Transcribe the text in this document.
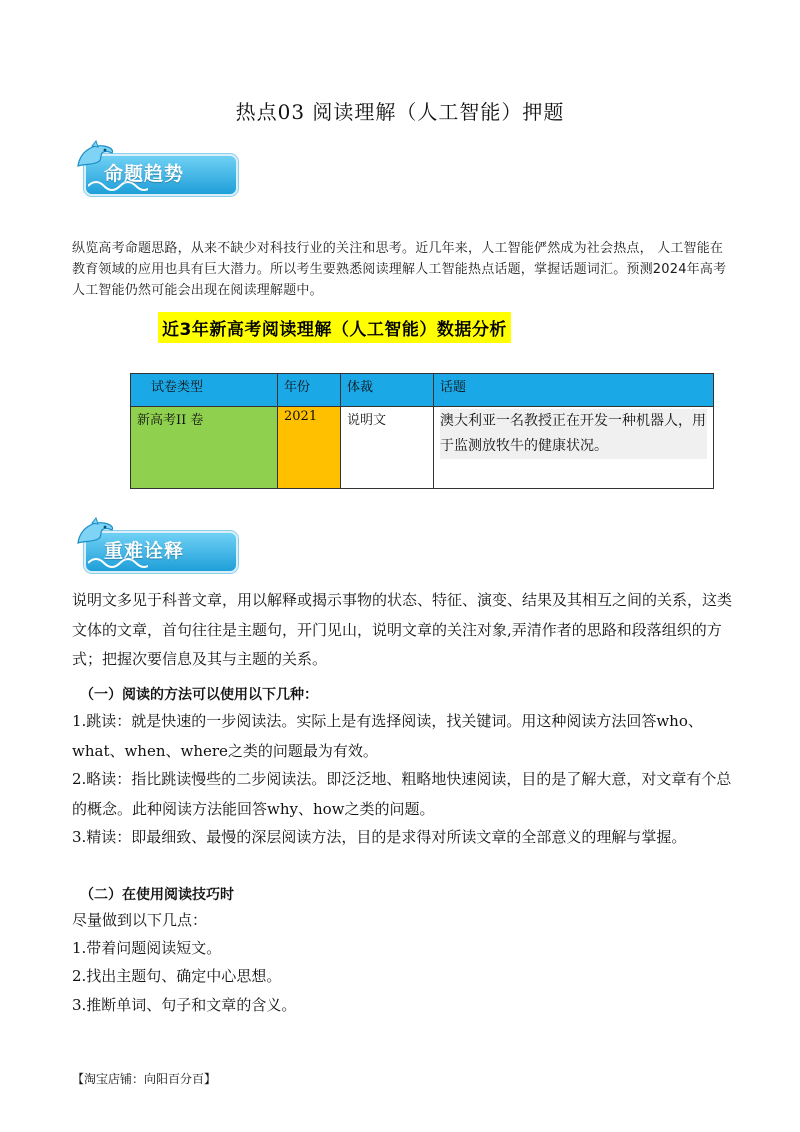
热点03 阅读理解（人工智能）押题
命题趋势
纵览高考命题思路，从来不缺少对科技行业的关注和思考。近几年来，人工智能俨然成为社会热点， 人工智能在教育领域的应用也具有巨大潜力。所以考生要熟悉阅读理解人工智能热点话题，掌握话题词汇。预测2024年高考人工智能仍然可能会出现在阅读理解题中。
近3年新高考阅读理解（人工智能）数据分析
试卷类型	年份	体裁	话题
新高考II 卷	2021	说明文	澳大利亚一名教授正在开发一种机器人，用于监测放牧牛的健康状况。
重难诠释
说明文多见于科普文章，用以解释或揭示事物的状态、特征、演变、结果及其相互之间的关系，这类文体的文章，首句往往是主题句，开门见山，说明文章的关注对象,弄清作者的思路和段落组织的方式；把握次要信息及其与主题的关系。
（一）阅读的方法可以使用以下几种：
1.跳读：就是快速的一步阅读法。实际上是有选择阅读，找关键词。用这种阅读方法回答who、what、when、where之类的问题最为有效。
2.略读：指比跳读慢些的二步阅读法。即泛泛地、粗略地快速阅读，目的是了解大意，对文章有个总的概念。此种阅读方法能回答why、how之类的问题。
3.精读：即最细致、最慢的深层阅读方法，目的是求得对所读文章的全部意义的理解与掌握。
（二）在使用阅读技巧时
尽量做到以下几点：
1.带着问题阅读短文。
2.找出主题句、确定中心思想。
3.推断单词、句子和文章的含义。
【淘宝店铺：向阳百分百】
